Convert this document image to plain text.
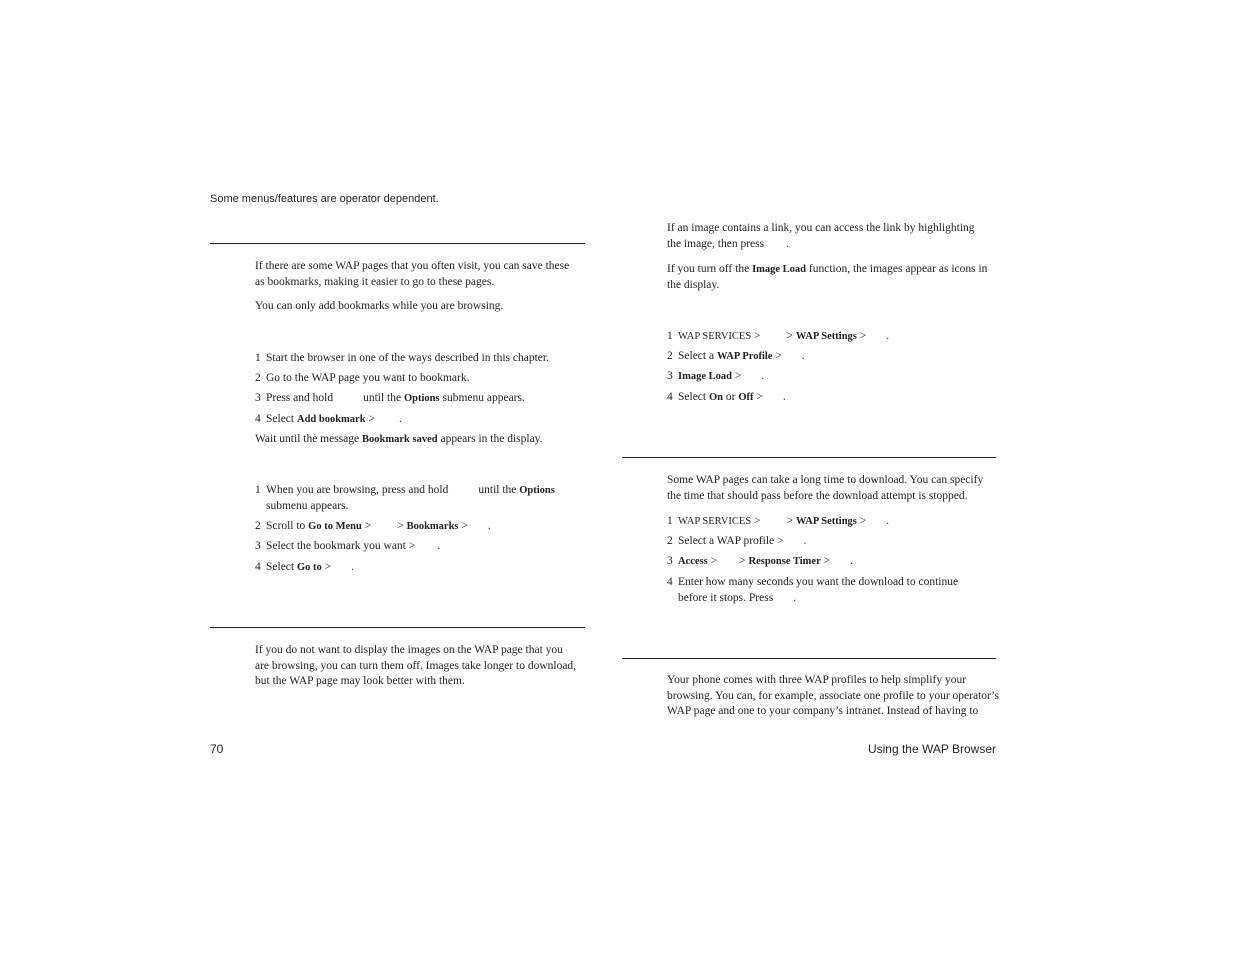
Some menus/features are operator dependent.

If there are some WAP pages that you often visit, you can save these
as bookmarks, making it easier to go to these pages.

You can only add bookmarks while you are browsing.

1 Start the browser in one of the ways described in this chapter.

2 Go to the WAP page you want to bookmark.

3 Press and hold	until the Options submenu appears.

4 Select Add bookmark > .

Wait until the message Bookmark saved appears in the display.

1 When you are browsing, press and hold	until the Options
submenu appears.

2 Scroll to Go to Menu > > Bookmarks > .

3 Select the bookmark you want > .

4 Select Go to > .

If you do not want to display the images on the WAP page that you
are browsing, you can turn them off. Images take longer to download,
but the WAP page may look better with them.

If an image contains a link, you can access the link by highlighting
the image, then press .

If you turn off the Image Load function, the images appear as icons in
the display.

1 WAP SERVICES > > WAP Settings > .

2 Select a WAP Profile > .

3 Image Load > .

4 Select On or Off > .

Some WAP pages can take a long time to download. You can specify
the time that should pass before the download attempt is stopped.

1 WAP SERVICES > > WAP Settings > .

2 Select a WAP profile > .

3 Access > > Response Timer > .

4 Enter how many seconds you want the download to continue
before it stops. Press .

Your phone comes with three WAP profiles to help simplify your
browsing. You can, for example, associate one profile to your operator’s
WAP page and one to your company’s intranet. Instead of having to

70	Using the WAP Browser
